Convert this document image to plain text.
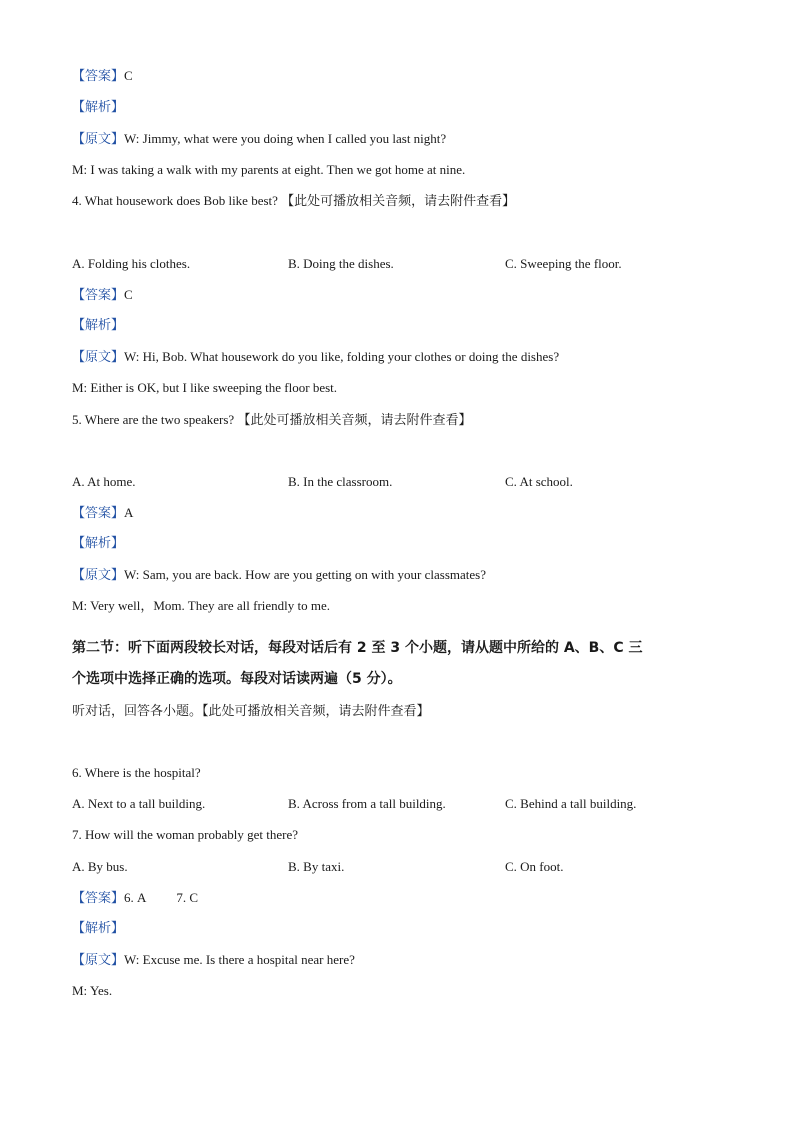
【答案】C
【解析】
【原文】W: Jimmy, what were you doing when I called you last night?
M: I was taking a walk with my parents at eight. Then we got home at nine.
4. What housework does Bob like best? 【此处可播放相关音频，请去附件查看】
A. Folding his clothes.	B. Doing the dishes.	C. Sweeping the floor.
【答案】C
【解析】
【原文】W: Hi, Bob. What housework do you like, folding your clothes or doing the dishes?
M: Either is OK, but I like sweeping the floor best.
5. Where are the two speakers? 【此处可播放相关音频，请去附件查看】
A. At home.	B. In the classroom.	C. At school.
【答案】A
【解析】
【原文】W: Sam, you are back. How are you getting on with your classmates?
M: Very well，Mom. They are all friendly to me.
第二节：听下面两段较长对话，每段对话后有 2 至 3 个小题，请从题中所给的 A、B、C 三
个选项中选择正确的选项。每段对话读两遍（5 分）。
听对话，回答各小题。【此处可播放相关音频，请去附件查看】
6. Where is the hospital?
A. Next to a tall building.	B. Across from a tall building.	C. Behind a tall building.
7. How will the woman probably get there?
A. By bus.	B. By taxi.	C. On foot.
【答案】6. A 7. C
【解析】
【原文】W: Excuse me. Is there a hospital near here?
M: Yes.
